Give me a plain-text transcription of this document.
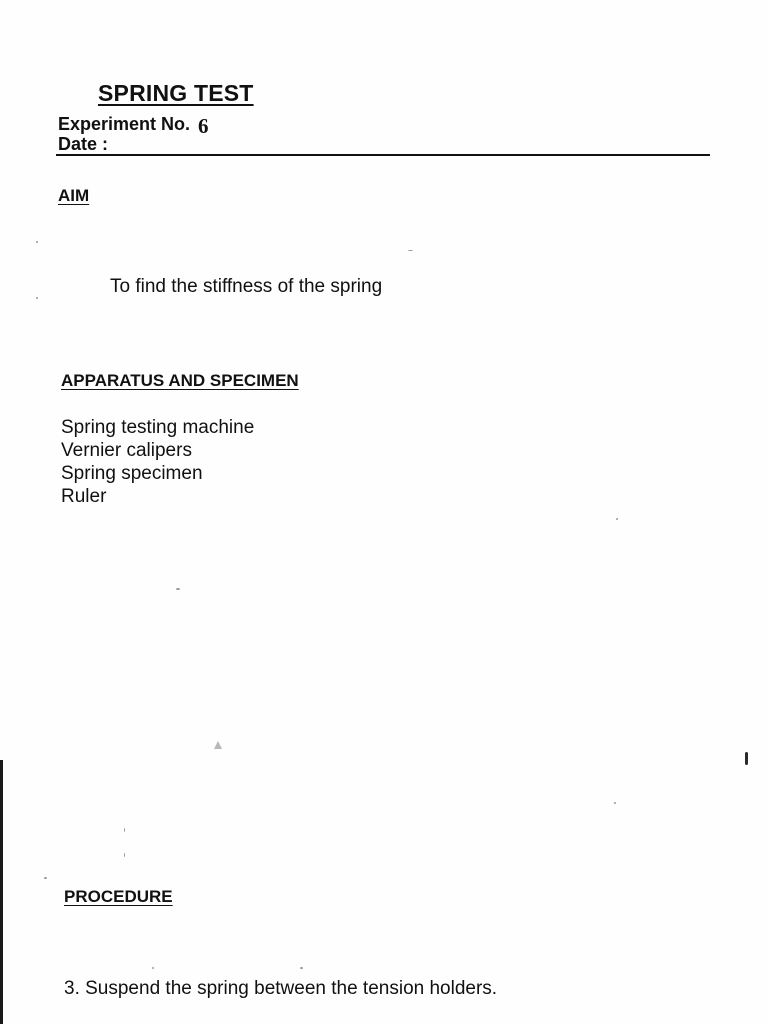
SPRING TEST
Experiment No. 6
Date :
AIM
To find the stiffness of the spring
APPARATUS AND SPECIMEN
Spring testing machine
Vernier calipers
Spring specimen
Ruler
PROCEDURE
3. Suspend the spring between the tension holders.
